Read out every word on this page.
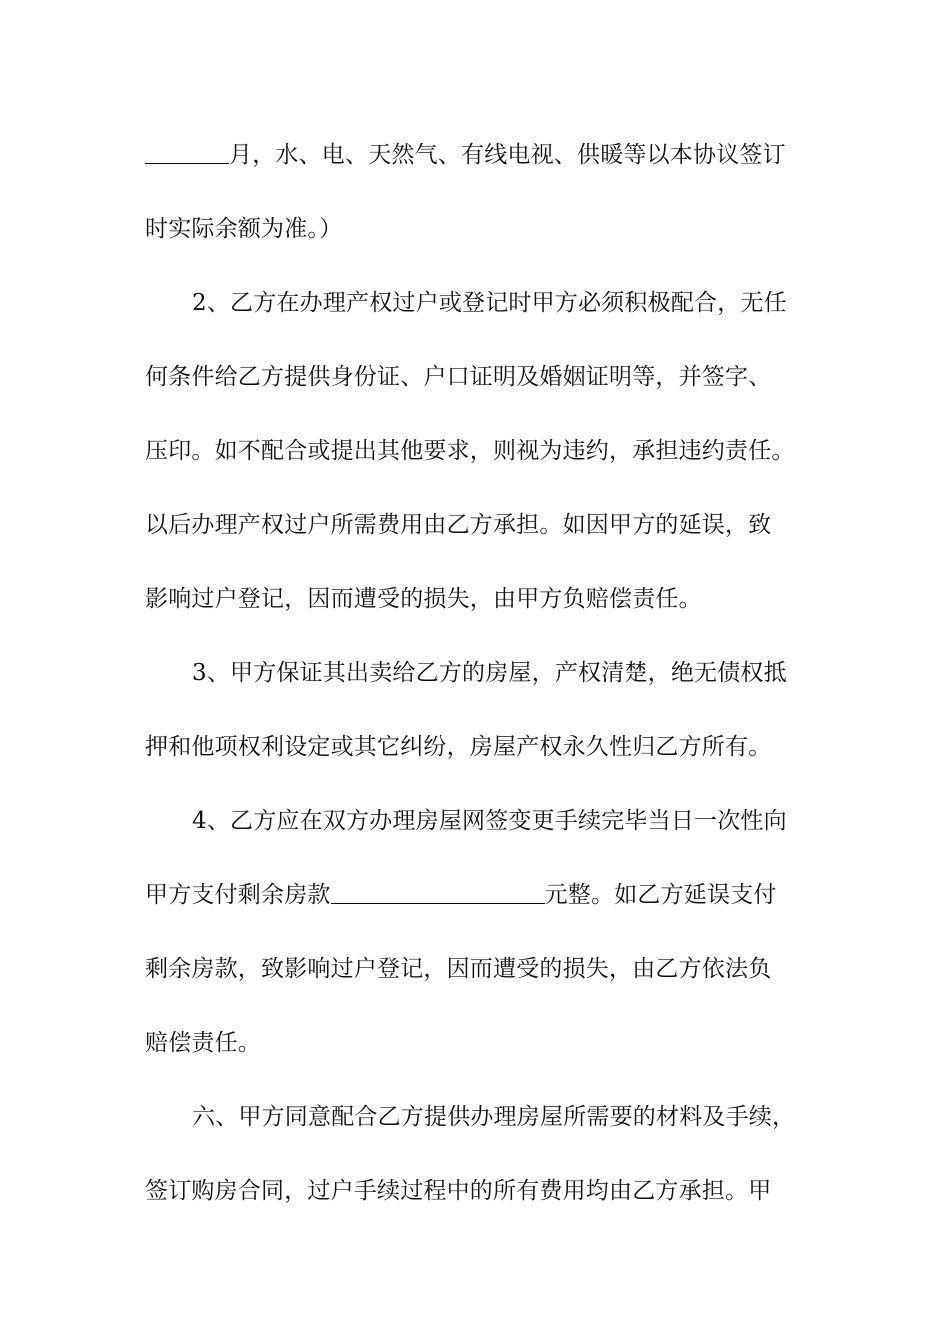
月，水、电、天然气、有线电视、供暖等以本协议签订
时实际余额为准。）
2、乙方在办理产权过户或登记时甲方必须积极配合，无任
何条件给乙方提供身份证、户口证明及婚姻证明等，并签字、
压印。如不配合或提出其他要求，则视为违约，承担违约责任。
以后办理产权过户所需费用由乙方承担。如因甲方的延误，致
影响过户登记，因而遭受的损失，由甲方负赔偿责任。
3、甲方保证其出卖给乙方的房屋，产权清楚，绝无债权抵
押和他项权利设定或其它纠纷，房屋产权永久性归乙方所有。
4、乙方应在双方办理房屋网签变更手续完毕当日一次性向
甲方支付剩余房款	元整。如乙方延误支付
剩余房款，致影响过户登记，因而遭受的损失，由乙方依法负
赔偿责任。
六、甲方同意配合乙方提供办理房屋所需要的材料及手续，
签订购房合同，过户手续过程中的所有费用均由乙方承担。甲
